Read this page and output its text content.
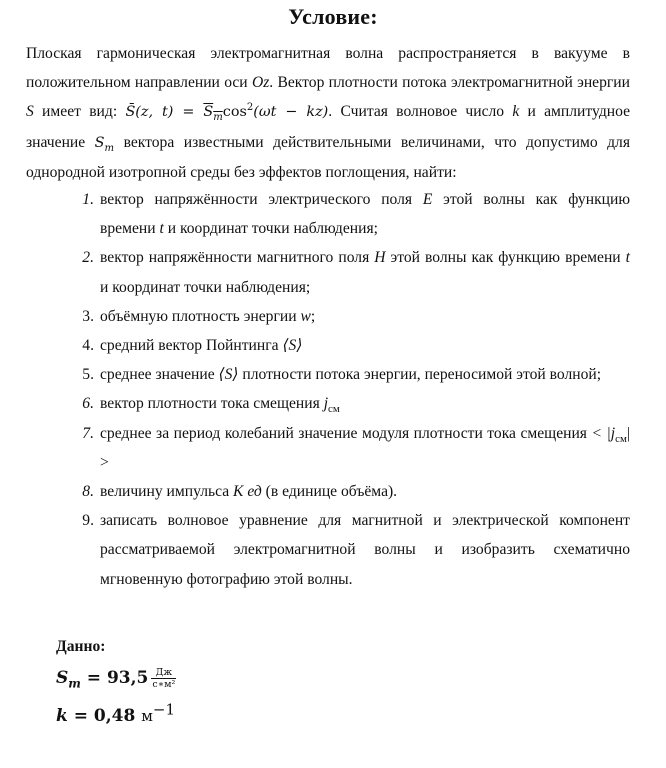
Условие:

Плоская гармоническая электромагнитная волна распространяется в вакууме в положительном направлении оси Oz. Вектор плотности потока электромагнитной энергии S имеет вид: S̄(z, $t) = S_m\cos^2(\omega t - kz)$. Считая волновое число k и амплитудное значение $S_m$ вектора известными действительными величинами, что допустимо для однородной изотропной среды без эффектов поглощения, найти:

1. вектор напряжённости электрического поля E этой волны как функцию времени t и координат точки наблюдения;
2. вектор напряжённости магнитного поля H этой волны как функцию времени t и координат точки наблюдения;
3. объёмную плотность энергии w;
4. средний вектор Пойнтинга ⟨S⟩
5. среднее значение ⟨S⟩ плотности потока энергии, переносимой этой волной;
6. вектор плотности тока смещения $j_{см}$
7. среднее за период колебаний значение модуля плотности тока смещения < $|j_{см}|$ >
8. величину импульса K ед (в единице объёма).
9. записать волновое уравнение для магнитной и электрической компонент рассматриваемой электромагнитной волны и изобразить схематично мгновенную фотографию этой волны.
Данно:
$S_m = 93,5 \frac{Дж}{\text{с∗м²}}$
k = 0,48 $м^{-1}$
